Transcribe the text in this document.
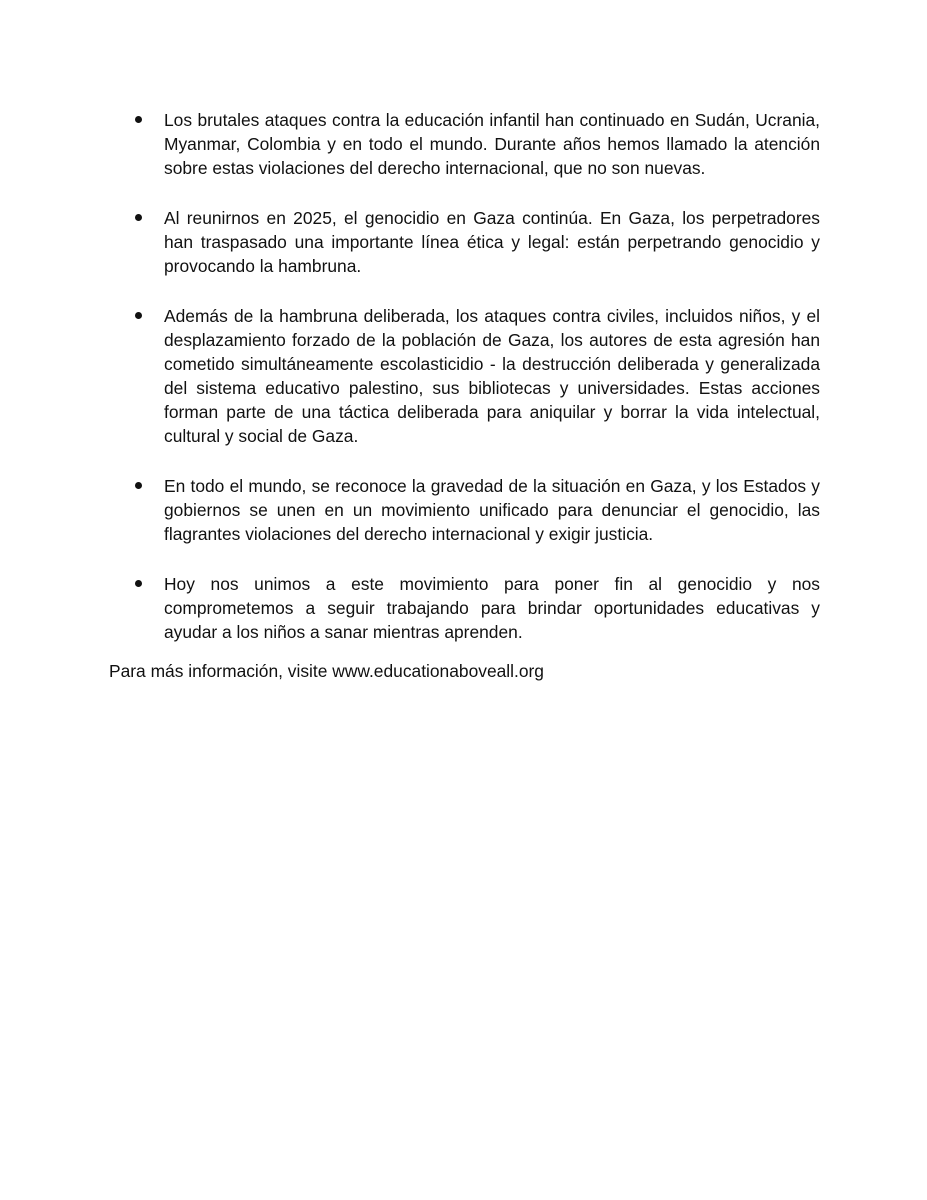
Los brutales ataques contra la educación infantil han continuado en Sudán, Ucrania, Myanmar, Colombia y en todo el mundo. Durante años hemos llamado la atención sobre estas violaciones del derecho internacional, que no son nuevas.
Al reunirnos en 2025, el genocidio en Gaza continúa. En Gaza, los perpetradores han traspasado una importante línea ética y legal: están perpetrando genocidio y provocando la hambruna.
Además de la hambruna deliberada, los ataques contra civiles, incluidos niños, y el desplazamiento forzado de la población de Gaza, los autores de esta agresión han cometido simultáneamente escolasticidio - la destrucción deliberada y generalizada del sistema educativo palestino, sus bibliotecas y universidades. Estas acciones forman parte de una táctica deliberada para aniquilar y borrar la vida intelectual, cultural y social de Gaza.
En todo el mundo, se reconoce la gravedad de la situación en Gaza, y los Estados y gobiernos se unen en un movimiento unificado para denunciar el genocidio, las flagrantes violaciones del derecho internacional y exigir justicia.
Hoy nos unimos a este movimiento para poner fin al genocidio y nos comprometemos a seguir trabajando para brindar oportunidades educativas y ayudar a los niños a sanar mientras aprenden.

Para más información, visite www.educationaboveall.org
